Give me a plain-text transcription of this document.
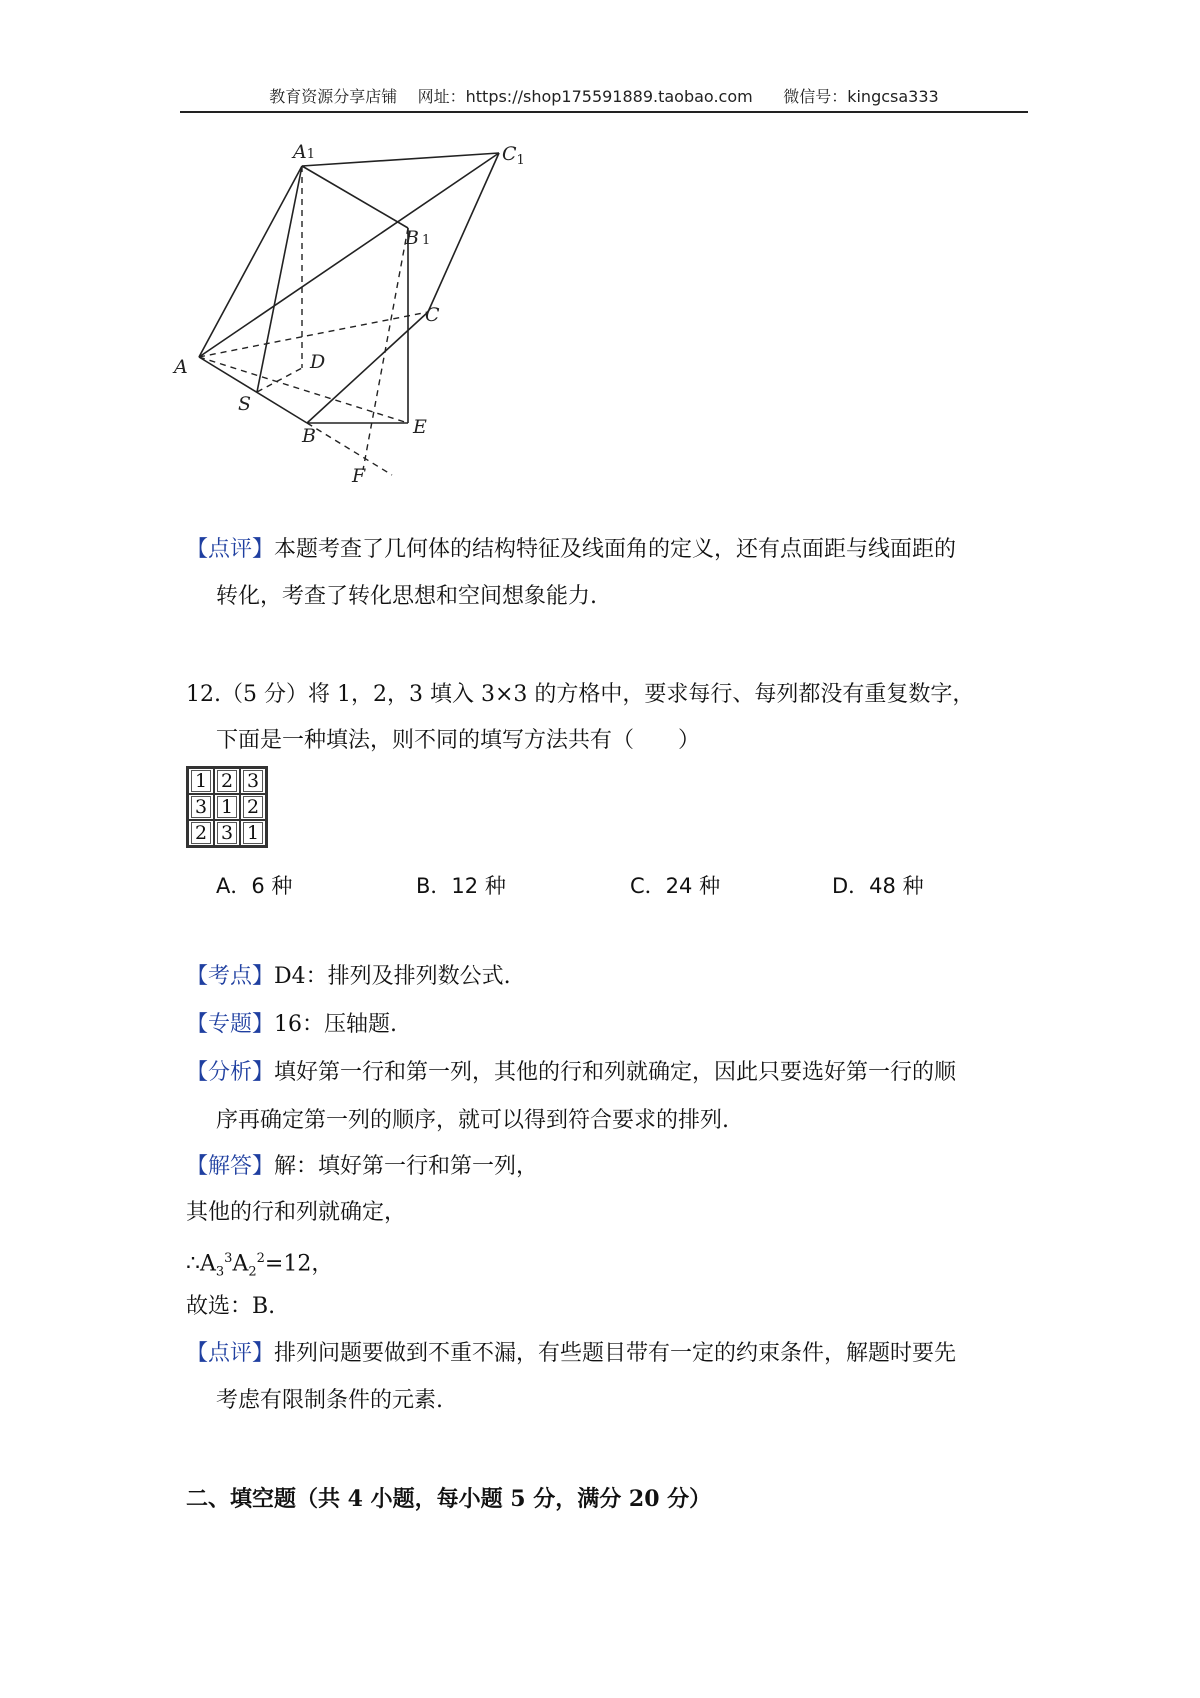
教育资源分享店铺    网址：https://shop175591889.taobao.com      微信号：kingcsa333
A1	$C_1$
B 1
C
A	D
S
B	E
F
【点评】本题考查了几何体的结构特征及线面角的定义，还有点面距与线面距的
转化，考查了转化思想和空间想象能力.
12.（5 分）将 1，2，3 填入 3×3 的方格中，要求每行、每列都没有重复数字，
下面是一种填法，则不同的填写方法共有（　　）
1	2	3
3	1	2
2	3	1
A．6 种	B．12 种	C．24 种	D．48 种
【考点】D4：排列及排列数公式.
【专题】16：压轴题.
【分析】填好第一行和第一列，其他的行和列就确定，因此只要选好第一行的顺
序再确定第一列的顺序，就可以得到符合要求的排列.
【解答】解：填好第一行和第一列，
其他的行和列就确定，
$\therefore A_3^3A_2^2=12$，
故选：B.
【点评】排列问题要做到不重不漏，有些题目带有一定的约束条件，解题时要先
考虑有限制条件的元素.
二、填空题（共 4 小题，每小题 5 分，满分 20 分）
